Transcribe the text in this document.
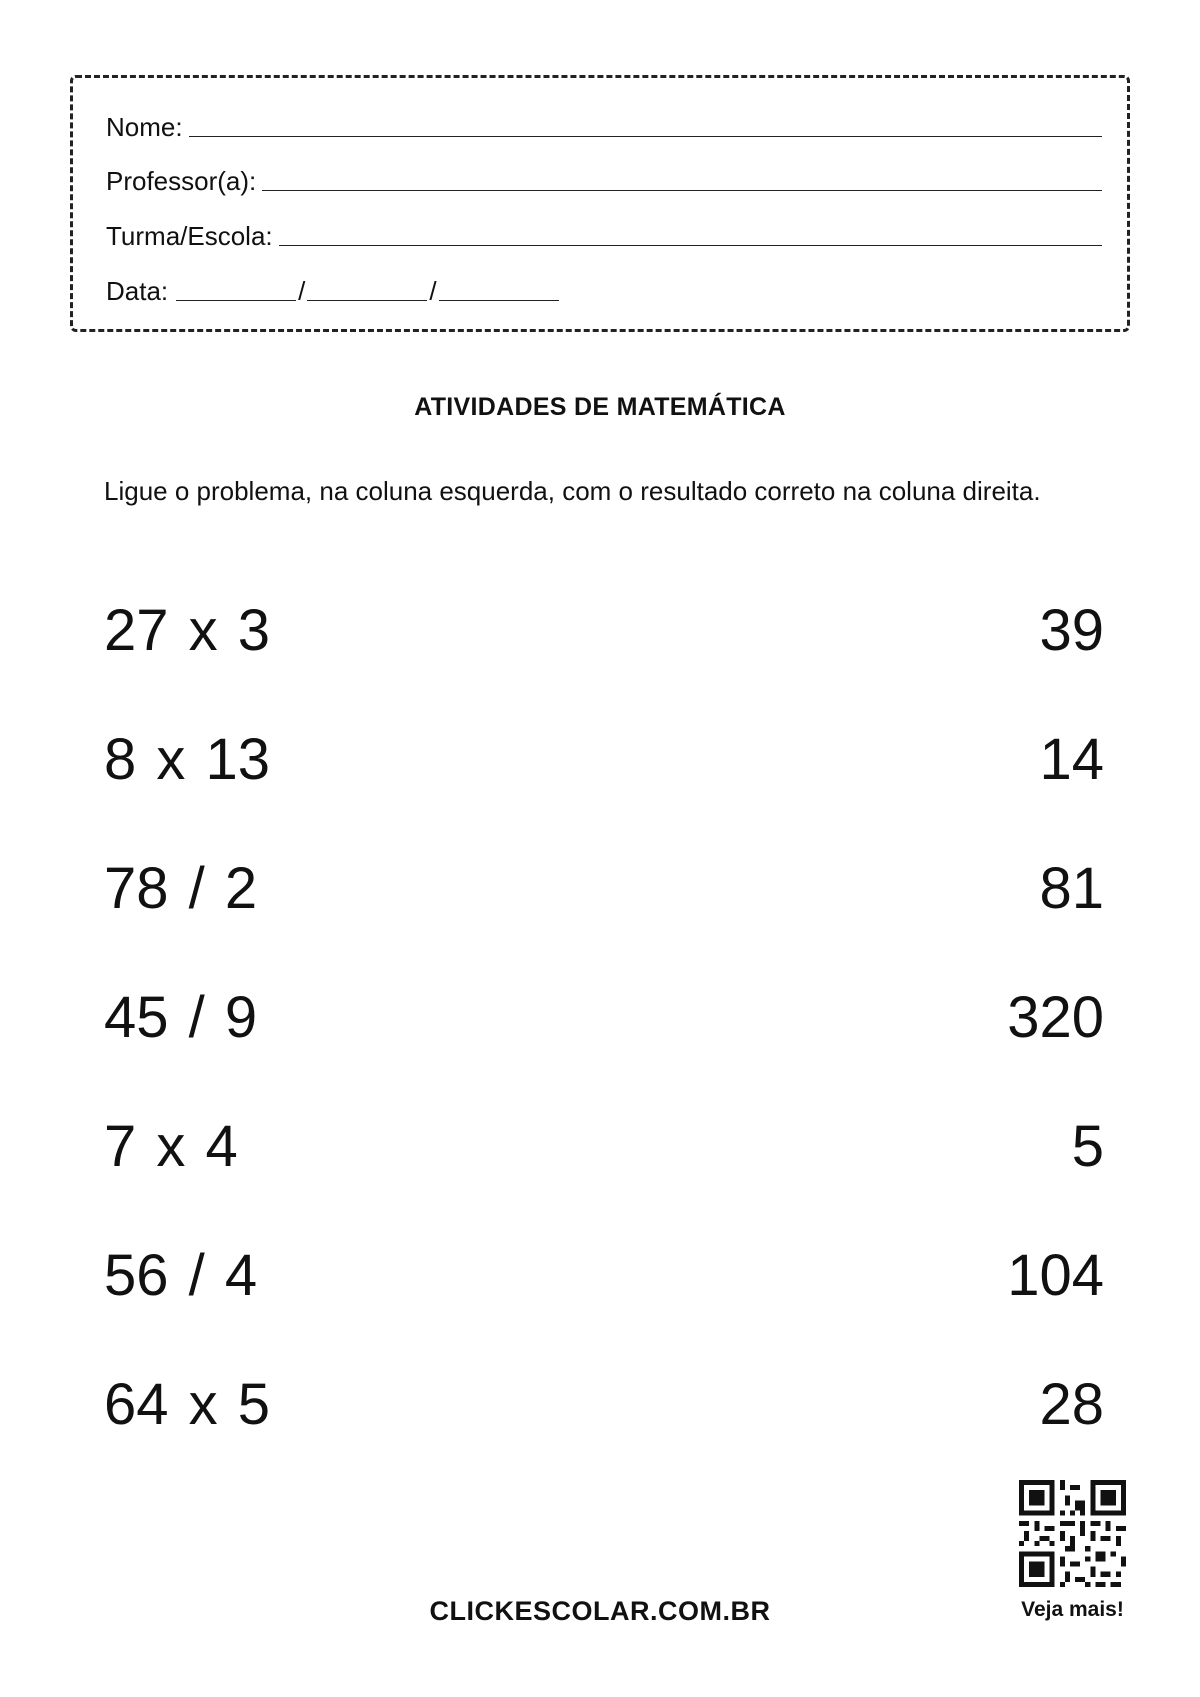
Nome:
Professor(a):
Turma/Escola:
Data:	/	/
ATIVIDADES DE MATEMÁTICA
Ligue o problema, na coluna esquerda, com o resultado correto na coluna direita.
27 x 3
8 x 13
78 / 2
45 / 9
7 x 4
56 / 4
64 x 5
39
14
81
320
5
104
28
Veja mais!
CLICKESCOLAR.COM.BR
